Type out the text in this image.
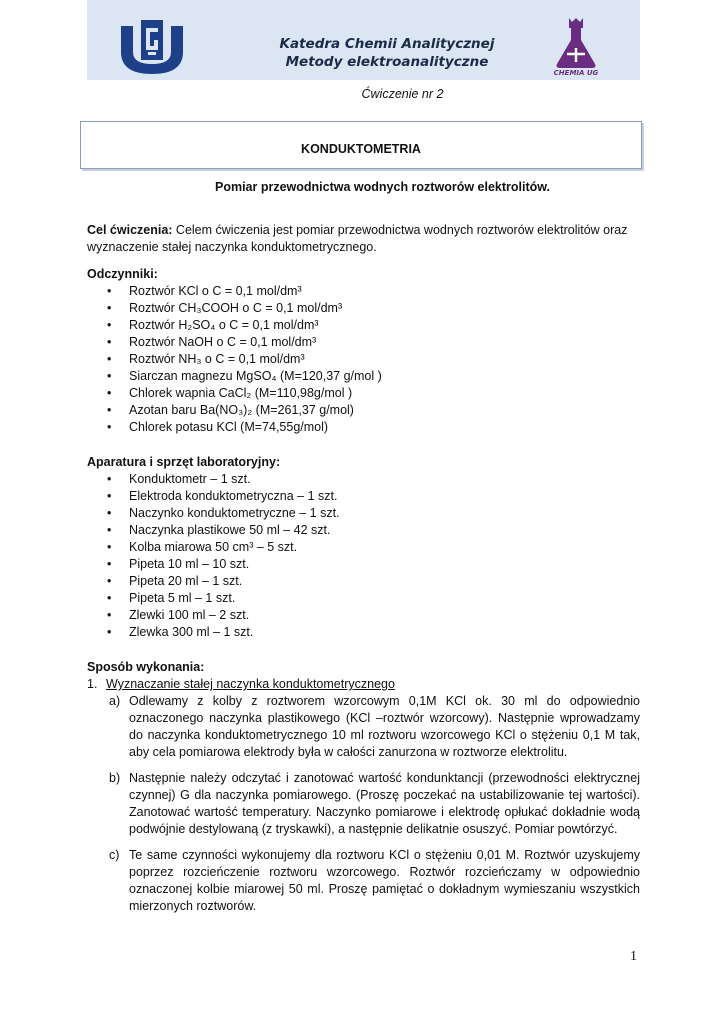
Katedra Chemii Analitycznej
Metody elektroanalityczne
CHEMIA UG
Ćwiczenie nr 2
KONDUKTOMETRIA
Pomiar przewodnictwa wodnych roztworów elektrolitów.

Cel ćwiczenia: Celem ćwiczenia jest pomiar przewodnictwa wodnych roztworów elektrolitów oraz wyznaczenie stałej naczynka konduktometrycznego.

Odczynniki:

• Roztwór KCl o C = 0,1 mol/dm³
• Roztwór CH₃COOH o C = 0,1 mol/dm³
• Roztwór H₂SO₄ o C = 0,1 mol/dm³
• Roztwór NaOH o C = 0,1 mol/dm³
• Roztwór NH₃ o C = 0,1 mol/dm³
• Siarczan magnezu MgSO₄ (M=120,37 g/mol )
• Chlorek wapnia CaCl₂ (M=110,98g/mol )
• Azotan baru Ba(NO₃)₂ (M=261,37 g/mol)
• Chlorek potasu KCl (M=74,55g/mol)

Aparatura i sprzęt laboratoryjny:

• Konduktometr – 1 szt.
• Elektroda konduktometryczna – 1 szt.
• Naczynko konduktometryczne – 1 szt.
• Naczynka plastikowe 50 ml – 42 szt.
• Kolba miarowa 50 cm³ – 5 szt.
• Pipeta 10 ml – 10 szt.
• Pipeta 20 ml – 1 szt.
• Pipeta 5 ml – 1 szt.
• Zlewki 100 ml – 2 szt.
• Zlewka 300 ml – 1 szt.

Sposób wykonania:

1. Wyznaczanie stałej naczynka konduktometrycznego
a) Odlewamy z kolby z roztworem wzorcowym 0,1M KCl ok. 30 ml do odpowiednio oznaczonego naczynka plastikowego (KCl –roztwór wzorcowy). Następnie wprowadzamy do naczynka konduktometrycznego 10 ml roztworu wzorcowego KCl o stężeniu 0,1 M tak, aby cela pomiarowa elektrody była w całości zanurzona w roztworze elektrolitu.
b) Następnie należy odczytać i zanotować wartość kondunktancji (przewodności elektrycznej czynnej) G dla naczynka pomiarowego. (Proszę poczekać na ustabilizowanie tej wartości). Zanotować wartość temperatury. Naczynko pomiarowe i elektrodę opłukać dokładnie wodą podwójnie destylowaną (z tryskawki), a następnie delikatnie osuszyć. Pomiar powtórzyć.
c) Te same czynności wykonujemy dla roztworu KCl o stężeniu 0,01 M. Roztwór uzyskujemy poprzez rozcieńczenie roztworu wzorcowego. Roztwór rozcieńczamy w odpowiednio oznaczonej kolbie miarowej 50 ml. Proszę pamiętać o dokładnym wymieszaniu wszystkich mierzonych roztworów.
1
